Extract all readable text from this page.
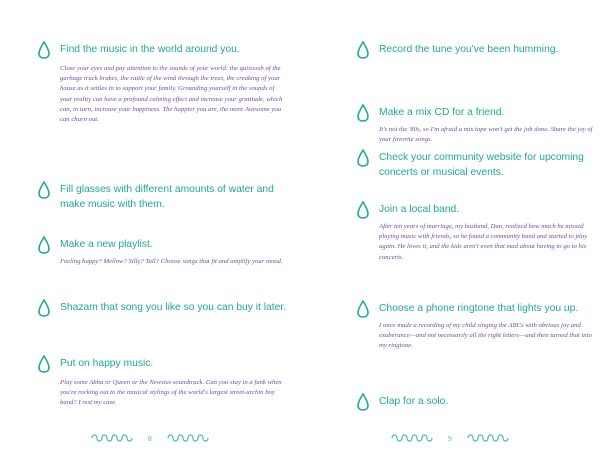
Find the music in the world around you.
Close your eyes and pay attention to the sounds of your world: the quiissssh of the garbage truck brakes, the rattle of the wind through the trees, the creaking of your house as it settles in to support your family. Grounding yourself in the sounds of your reality can have a profound calming effect and increase your gratitude, which can, in turn, increase your happiness. The happier you are, the more Awesome you can churn out.
Fill glasses with different amounts of water and make music with them.
Make a new playlist.
Feeling happy? Mellow? Silly? Tall? Choose songs that fit and amplify your mood.
Shazam that song you like so you can buy it later.
Put on happy music.
Play some Abba or Queen or the Newsies soundtrack. Can you stay in a funk when you're rocking out to the musical stylings of the world's largest street-urchin boy band? I rest my case.
8
Record the tune you've been humming.
Make a mix CD for a friend.
It's not the '80s, so I'm afraid a mix tape won't get the job done. Share the joy of your favorite songs.
Check your community website for upcoming concerts or musical events.
Join a local band.
After ten years of marriage, my husband, Dan, realized how much he missed playing music with friends, so he found a community band and started to play again. He loves it, and the kids aren't even that mad about having to go to his concerts.
Choose a phone ringtone that lights you up.
I once made a recording of my child singing the ABCs with obvious joy and exuberance—and not necessarily all the right letters—and then turned that into my ringtone.
Clap for a solo.
9
